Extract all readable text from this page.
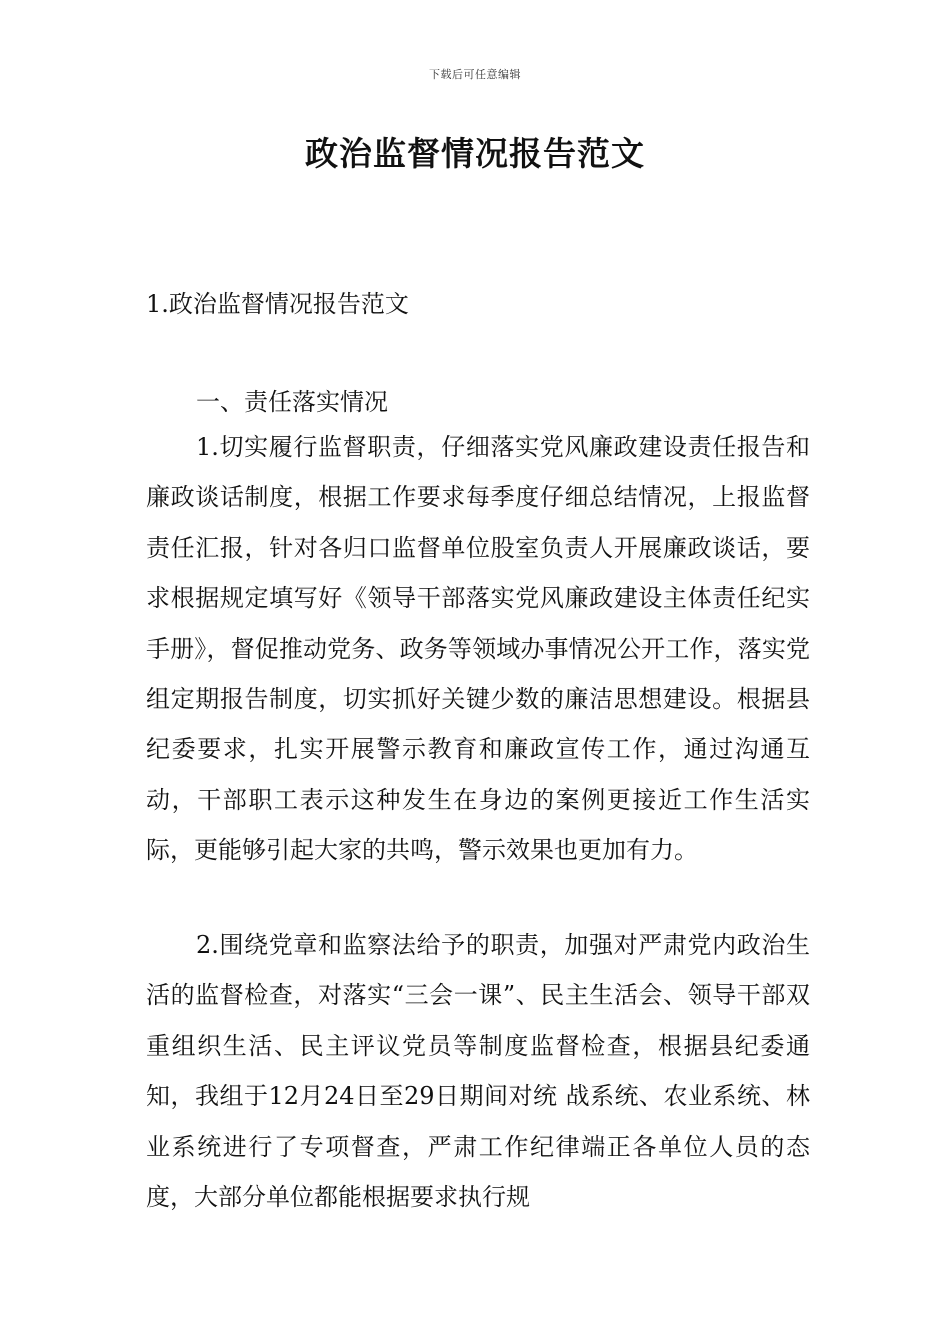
下载后可任意编辑
政治监督情况报告范文
1.政治监督情况报告范文
一、责任落实情况

1.切实履行监督职责，仔细落实党风廉政建设责任报告和廉政谈话制度，根据工作要求每季度仔细总结情况，上报监督责任汇报，针对各归口监督单位股室负责人开展廉政谈话，要求根据规定填写好《领导干部落实党风廉政建设主体责任纪实手册》，督促推动党务、政务等领域办事情况公开工作，落实党组定期报告制度，切实抓好关键少数的廉洁思想建设。根据县纪委要求，扎实开展警示教育和廉政宣传工作，通过沟通互动，干部职工表示这种发生在身边的案例更接近工作生活实际，更能够引起大家的共鸣，警示效果也更加有力。

2.围绕党章和监察法给予的职责，加强对严肃党内政治生活的监督检查，对落实“三会一课”、民主生活会、领导干部双重组织生活、民主评议党员等制度监督检查，根据县纪委通知，我组于12月24日至29日期间对统 战系统、农业系统、林业系统进行了专项督查，严肃工作纪律端正各单位人员的态度，大部分单位都能根据要求执行规
